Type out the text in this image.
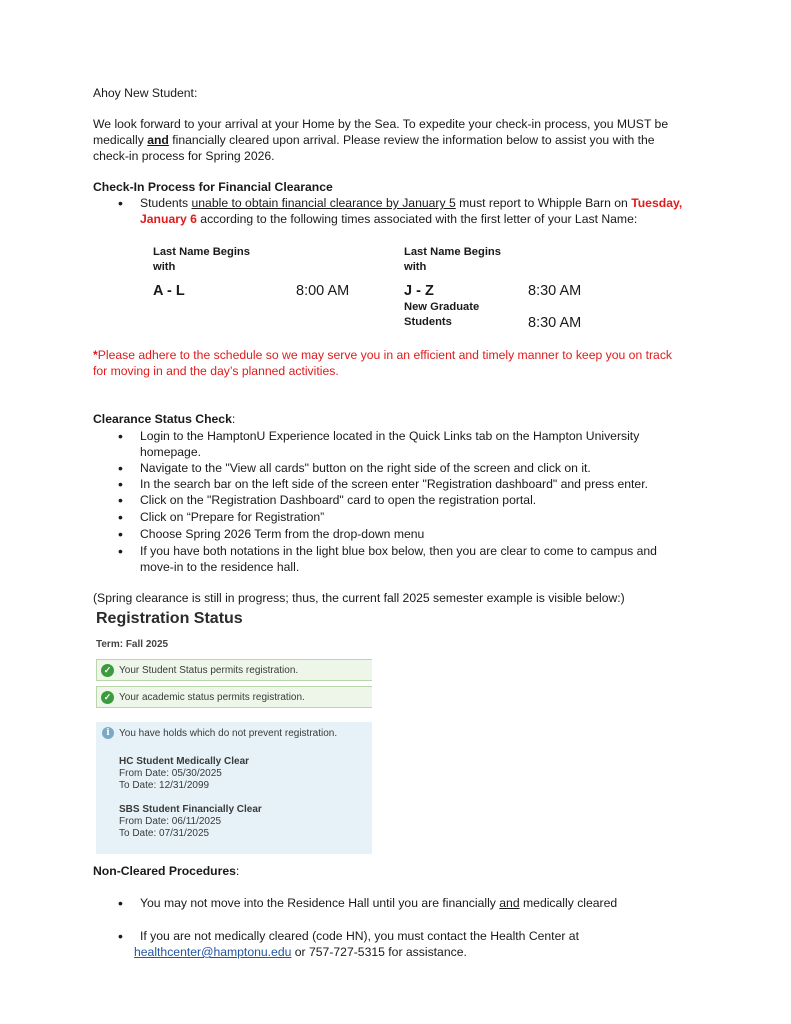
Ahoy New Student:
We look forward to your arrival at your Home by the Sea. To expedite your check-in process, you MUST be
medically and financially cleared upon arrival. Please review the information below to assist you with the
check-in process for Spring 2026.
Check-In Process for Financial Clearance
• Students unable to obtain financial clearance by January 5 must report to Whipple Barn on Tuesday,
January 6 according to the following times associated with the first letter of your Last Name:
Last Name Begins
with
Last Name Begins
with
A - L	8:00 AM	J - Z	8:30 AM
New Graduate
Students	8:30 AM
*Please adhere to the schedule so we may serve you in an efficient and timely manner to keep you on track
for moving in and the day’s planned activities.
Clearance Status Check:
• Login to the HamptonU Experience located in the Quick Links tab on the Hampton University
homepage.
• Navigate to the "View all cards" button on the right side of the screen and click on it.
• In the search bar on the left side of the screen enter "Registration dashboard" and press enter.
• Click on the "Registration Dashboard" card to open the registration portal.
• Click on “Prepare for Registration”
• Choose Spring 2026 Term from the drop-down menu
• If you have both notations in the light blue box below, then you are clear to come to campus and
move-in to the residence hall.
(Spring clearance is still in progress; thus, the current fall 2025 semester example is visible below:)
Registration Status
Term: Fall 2025
✓ Your Student Status permits registration.
✓ Your academic status permits registration.
i You have holds which do not prevent registration.
HC Student Medically Clear
From Date: 05/30/2025
To Date: 12/31/2099
SBS Student Financially Clear
From Date: 06/11/2025
To Date: 07/31/2025
Non-Cleared Procedures:
• You may not move into the Residence Hall until you are financially and medically cleared
• If you are not medically cleared (code HN), you must contact the Health Center at
healthcenter@hamptonu.edu or 757-727-5315 for assistance.
